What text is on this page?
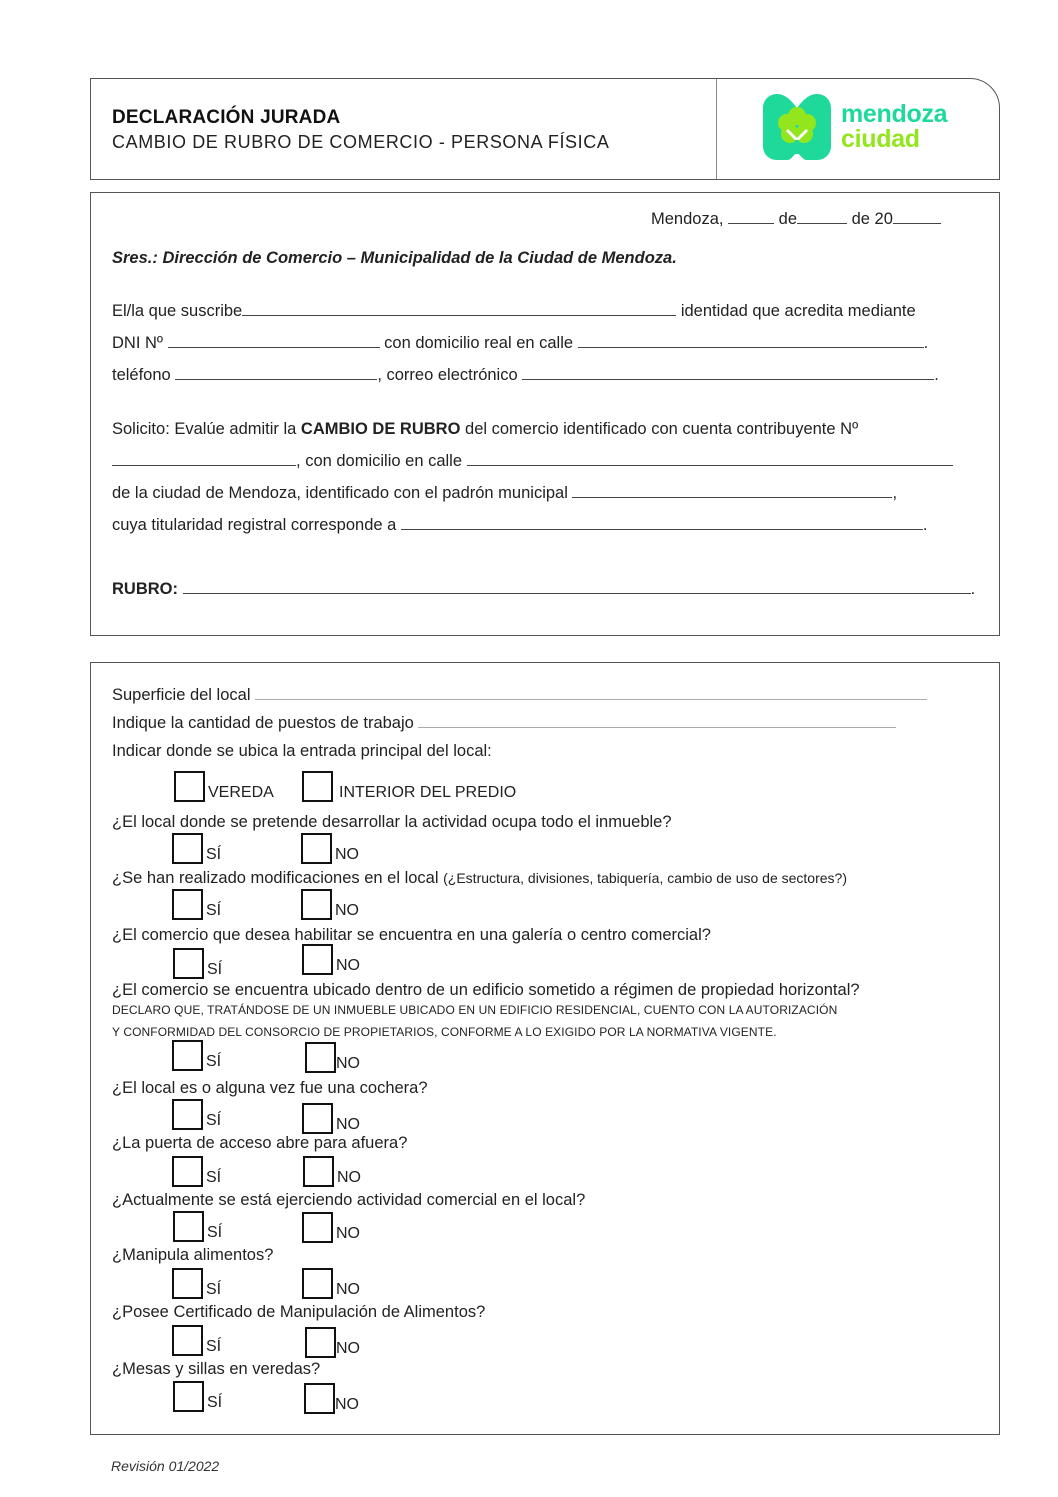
DECLARACIÓN JURADA
CAMBIO DE RUBRO DE COMERCIO - PERSONA FÍSICA
mendoza
ciudad
Mendoza,	de	de 20
Sres.: Dirección de Comercio – Municipalidad de la Ciudad de Mendoza.
El/la que suscribe	identidad que acredita mediante
DNI Nº	con domicilio real en calle	.
teléfono	, correo electrónico	.
Solicito: Evalúe admitir la CAMBIO DE RUBRO del comercio identificado con cuenta contribuyente Nº
, con domicilio en calle
de la ciudad de Mendoza, identificado con el padrón municipal	,
cuya titularidad registral corresponde a	.
RUBRO:	.
Superficie del local
Indique la cantidad de puestos de trabajo
Indicar donde se ubica la entrada principal del local:
VEREDA	INTERIOR DEL PREDIO
¿El local donde se pretende desarrollar la actividad ocupa todo el inmueble?
SÍ	NO
¿Se han realizado modificaciones en el local (¿Estructura, divisiones, tabiquería, cambio de uso de sectores?)
SÍ	NO
¿El comercio que desea habilitar se encuentra en una galería o centro comercial?
SÍ	NO
¿El comercio se encuentra ubicado dentro de un edificio sometido a régimen de propiedad horizontal?
DECLARO QUE, TRATÁNDOSE DE UN INMUEBLE UBICADO EN UN EDIFICIO RESIDENCIAL, CUENTO CON LA AUTORIZACIÓN
Y CONFORMIDAD DEL CONSORCIO DE PROPIETARIOS, CONFORME A LO EXIGIDO POR LA NORMATIVA VIGENTE.
SÍ	NO
¿El local es o alguna vez fue una cochera?
SÍ	NO
¿La puerta de acceso abre para afuera?
SÍ	NO
¿Actualmente se está ejerciendo actividad comercial en el local?
SÍ	NO
¿Manipula alimentos?
SÍ	NO
¿Posee Certificado de Manipulación de Alimentos?
SÍ	NO
¿Mesas y sillas en veredas?
SÍ	NO
Revisión 01/2022
